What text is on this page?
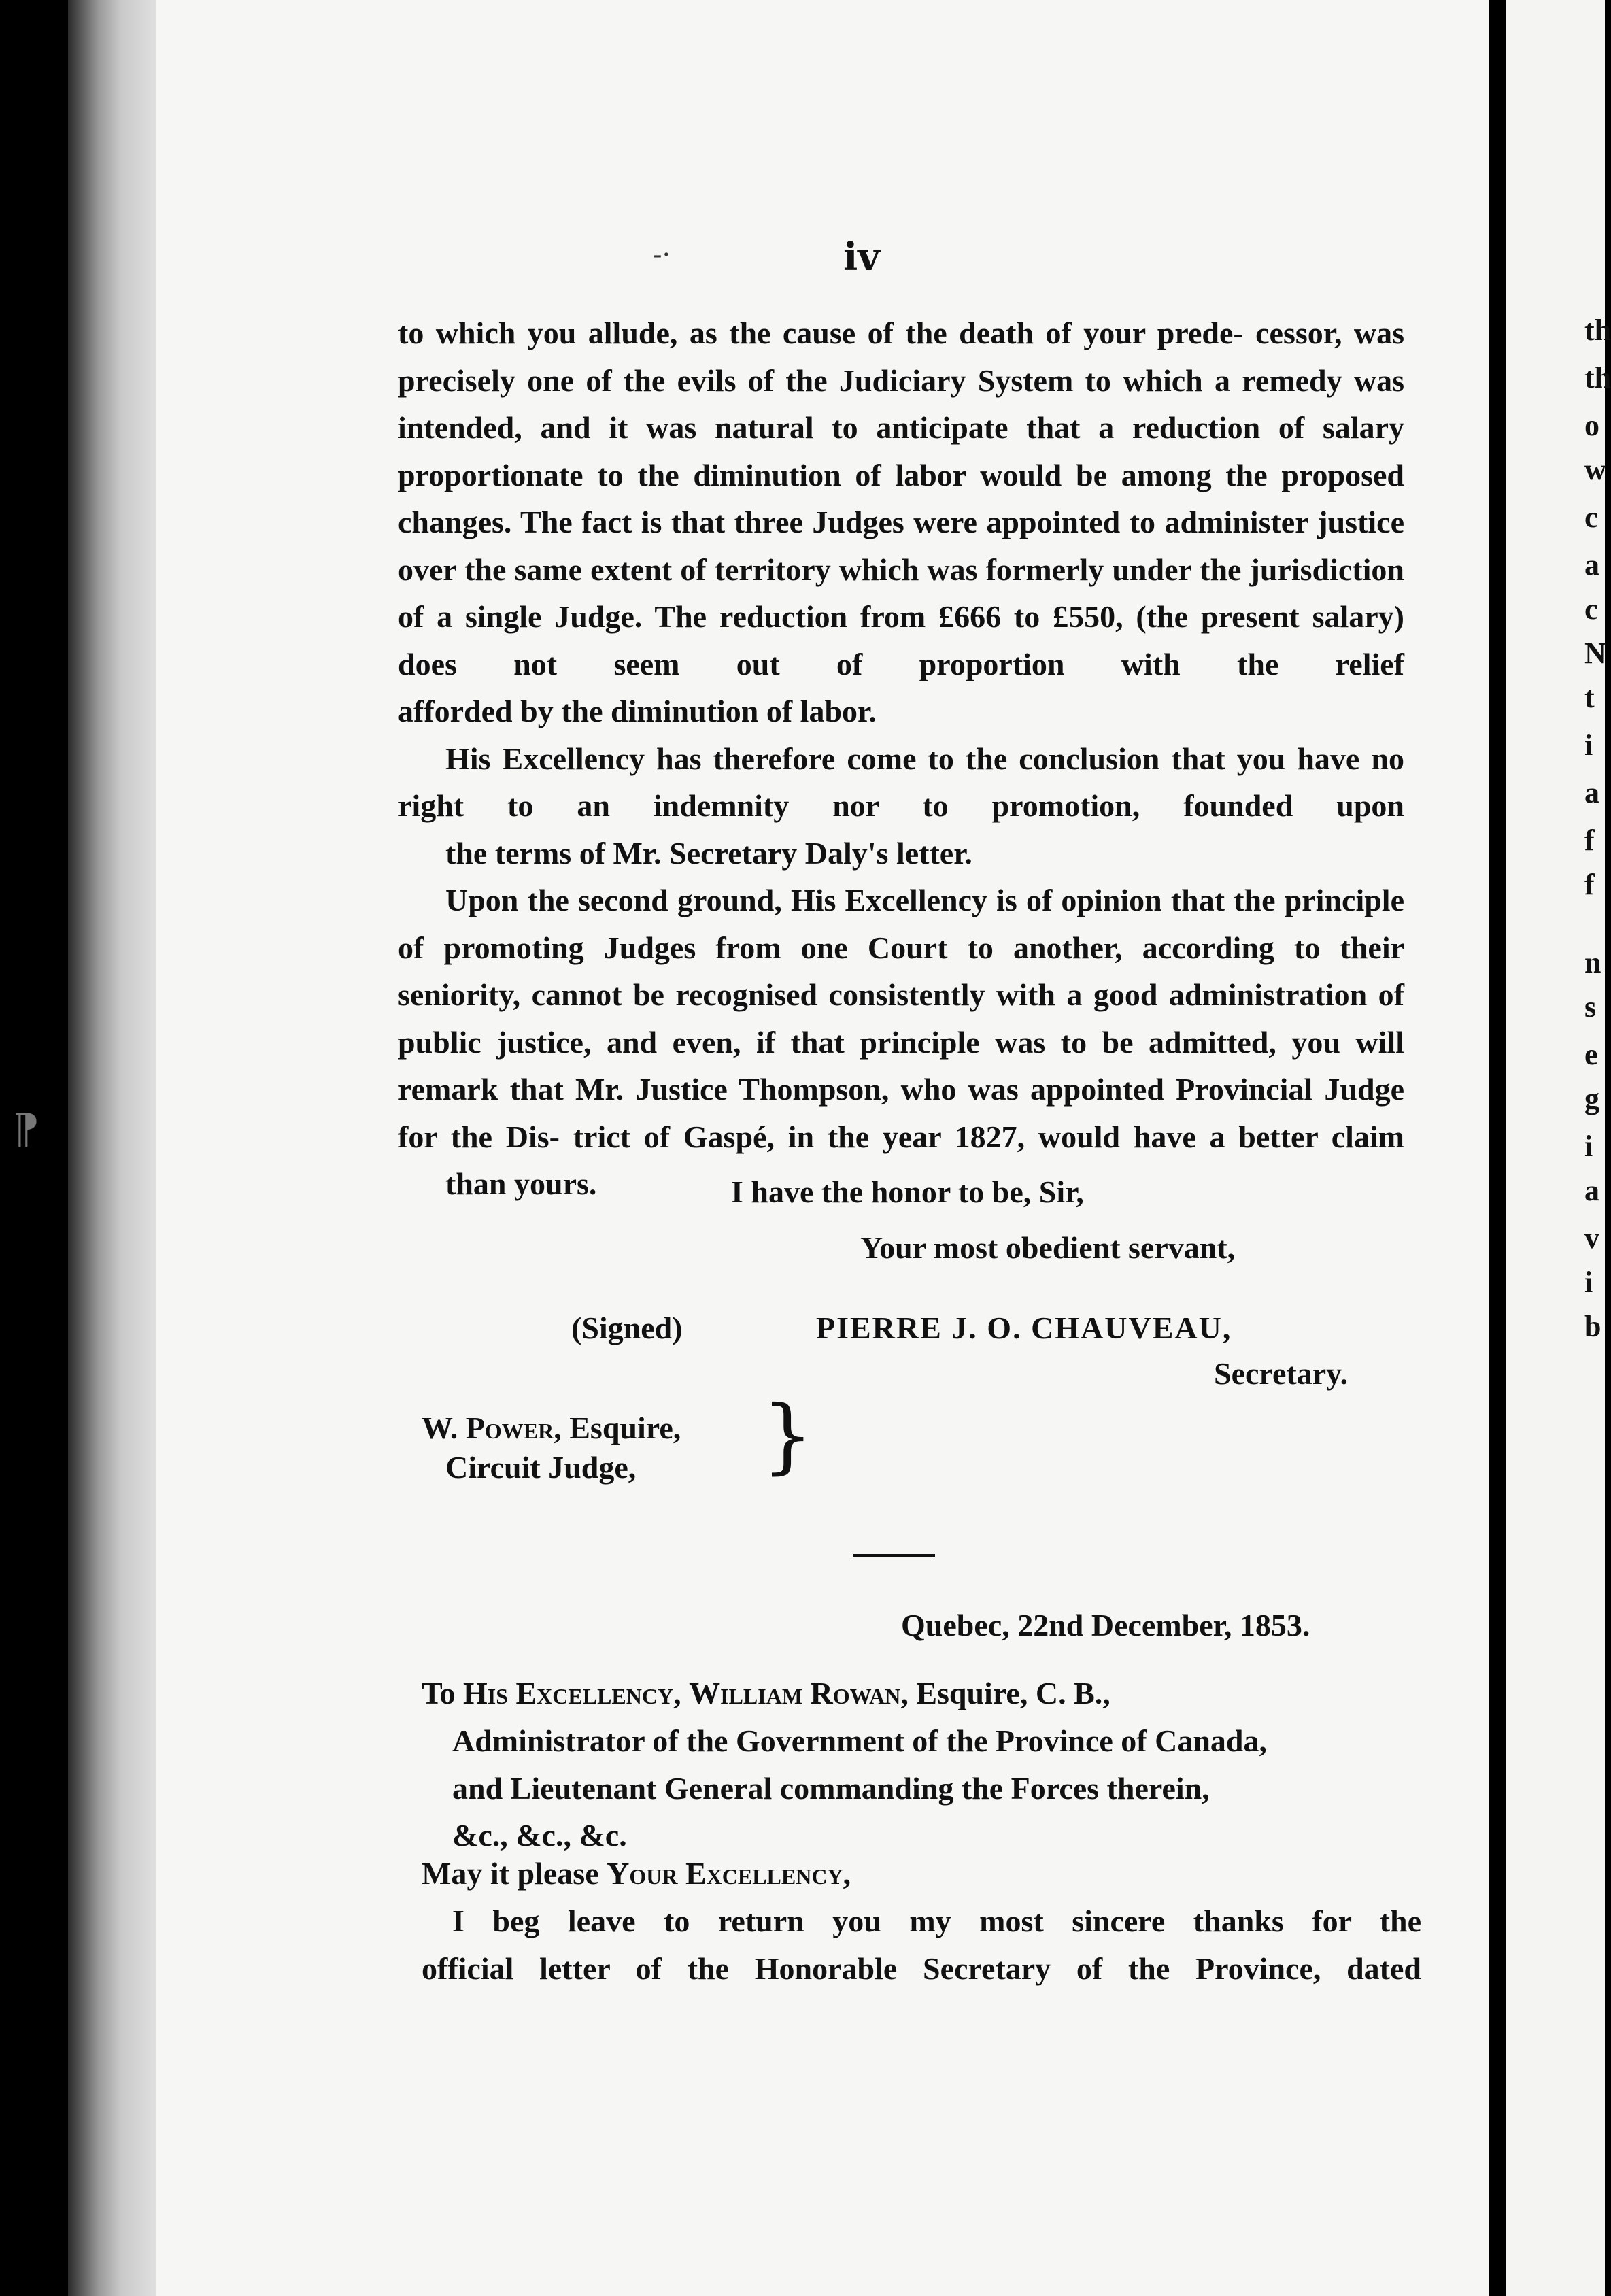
-·
⁋
iv

to which you allude, as the cause of the death of your prede- cessor, was precisely one of the evils of the Judiciary System to which a remedy was intended, and it was natural to anticipate that a reduction of salary proportionate to the diminution of labor would be among the proposed changes. The fact is that three Judges were appointed to administer justice over the same extent of territory which was formerly under the jurisdiction of a single Judge. The reduction from £666 to £550, (the present salary) does not seem out of proportion with the relief
afforded by the diminution of labor.

His Excellency has therefore come to the conclusion that you have no right to an indemnity nor to promotion, founded upon
the terms of Mr. Secretary Daly's letter.

Upon the second ground, His Excellency is of opinion that the principle of promoting Judges from one Court to another, according to their seniority, cannot be recognised consistently with a good administration of public justice, and even, if that principle was to be admitted, you will remark that Mr. Justice Thompson, who was appointed Provincial Judge for the Dis- trict of Gaspé, in the year 1827, would have a better claim
than yours.	I have the honor to be, Sir,
Your most obedient servant,
(Signed)	PIERRE J. O. CHAUVEAU,
Secretary.
W. Power, Esquire,
Circuit Judge, }
Quebec, 22nd December, 1853.
To His Excellency, William Rowan, Esquire, C. B.,
Administrator of the Government of the Province of Canada,
and Lieutenant General commanding the Forces therein,
&c., &c., &c.
May it please Your Excellency,
I beg leave to return you my most sincere thanks for the
official letter of the Honorable Secretary of the Province, dated
th
th
o
w
c
a
c
N
t
i
a
f
f
n
s
e
g
i
a
v
i
b
